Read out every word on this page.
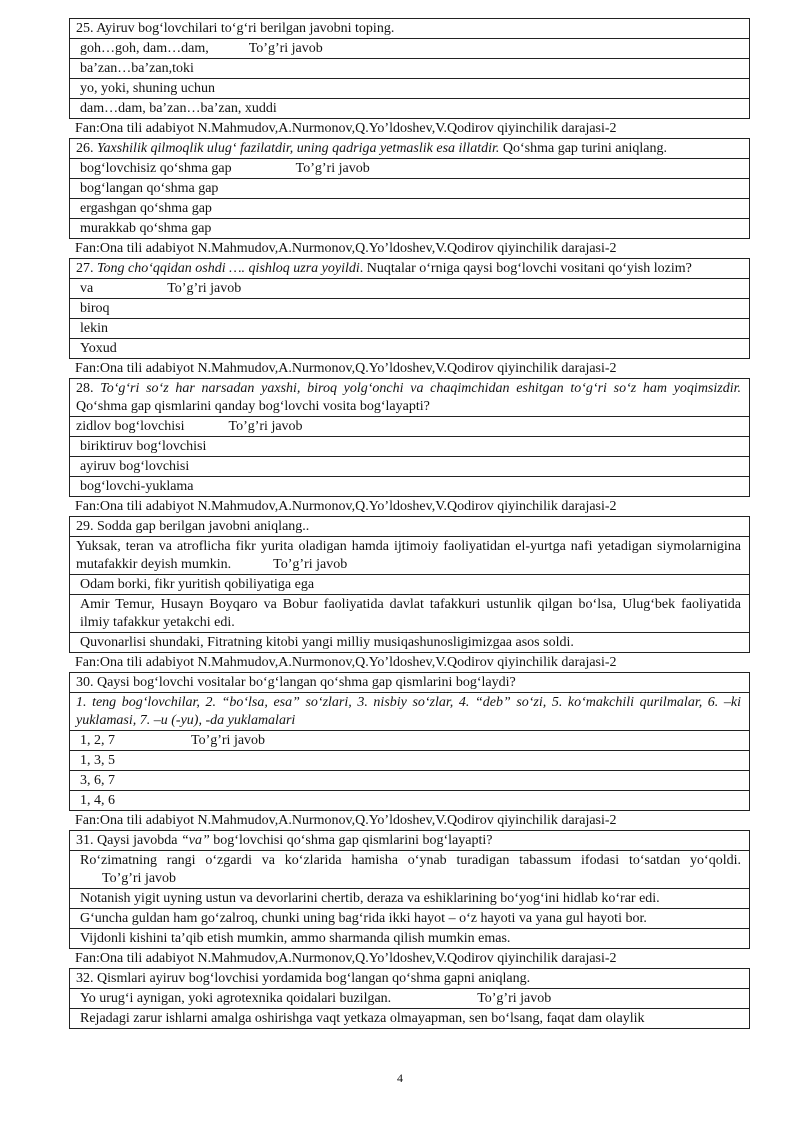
25. Ayiruv bog‘lovchilari to‘g‘ri berilgan javobni toping.
goh…goh, dam…dam,	To’g’ri javob
ba’zan…ba’zan,toki
yo, yoki, shuning uchun
dam…dam, ba’zan…ba’zan, xuddi
Fan:Ona tili adabiyot N.Mahmudov,A.Nurmonov,Q.Yo’ldoshev,V.Qodirov qiyinchilik darajasi-2
26. Yaxshilik qilmoqlik ulug‘ fazilatdir, uning qadriga yetmaslik esa illatdir. Qo‘shma gap turini aniqlang.
bog‘lovchisiz qo‘shma gap	To’g’ri javob
bog‘langan qo‘shma gap
ergashgan qo‘shma gap
murakkab qo‘shma gap
Fan:Ona tili adabiyot N.Mahmudov,A.Nurmonov,Q.Yo’ldoshev,V.Qodirov qiyinchilik darajasi-2
27. Tong cho‘qqidan oshdi …. qishloq uzra yoyildi. Nuqtalar o‘rniga qaysi bog‘lovchi vositani qo‘yish lozim?
va	To’g’ri javob
biroq
lekin
Yoxud
Fan:Ona tili adabiyot N.Mahmudov,A.Nurmonov,Q.Yo’ldoshev,V.Qodirov qiyinchilik darajasi-2
28. To‘g‘ri so‘z har narsadan yaxshi, biroq yolg‘onchi va chaqimchidan eshitgan to‘g‘ri so‘z ham yoqimsizdir. Qo‘shma gap qismlarini qanday bog‘lovchi vosita bog‘layapti?
zidlov bog‘lovchisi	To’g’ri javob
biriktiruv bog‘lovchisi
ayiruv bog‘lovchisi
bog‘lovchi-yuklama
Fan:Ona tili adabiyot N.Mahmudov,A.Nurmonov,Q.Yo’ldoshev,V.Qodirov qiyinchilik darajasi-2
29. Sodda gap berilgan javobni aniqlang..
Yuksak, teran va atroflicha fikr yurita oladigan hamda ijtimoiy faoliyatidan el-yurtga nafi yetadigan siymolarnigina mutafakkir deyish mumkin.	To’g’ri javob
Odam borki, fikr yuritish qobiliyatiga ega
Amir Temur, Husayn Boyqaro va Bobur faoliyatida davlat tafakkuri ustunlik qilgan bo‘lsa, Ulug‘bek faoliyatida ilmiy tafakkur yetakchi edi.
Quvonarlisi shundaki, Fitratning kitobi yangi milliy musiqashunosligimizgaa asos soldi.
Fan:Ona tili adabiyot N.Mahmudov,A.Nurmonov,Q.Yo’ldoshev,V.Qodirov qiyinchilik darajasi-2
30. Qaysi bog‘lovchi vositalar bo‘g‘langan qo‘shma gap qismlarini bog‘laydi?
1. teng bog‘lovchilar, 2. “bo‘lsa, esa” so‘zlari, 3. nisbiy so‘zlar, 4. “deb” so‘zi, 5. ko‘makchili qurilmalar, 6. –ki yuklamasi, 7. –u (-yu), -da yuklamalari
1, 2, 7	To’g’ri javob
1, 3, 5
3, 6, 7
1, 4, 6
Fan:Ona tili adabiyot N.Mahmudov,A.Nurmonov,Q.Yo’ldoshev,V.Qodirov qiyinchilik darajasi-2
31. Qaysi javobda “va” bog‘lovchisi qo‘shma gap qismlarini bog‘layapti?
Ro‘zimatning rangi o‘zgardi va ko‘zlarida hamisha o‘ynab turadigan tabassum ifodasi to‘satdan yo‘qoldi.To’g’ri javob
Notanish yigit uyning ustun va devorlarini chertib, deraza va eshiklarining bo‘yog‘ini hidlab ko‘rar edi.
G‘uncha guldan ham go‘zalroq, chunki uning bag‘rida ikki hayot – o‘z hayoti va yana gul hayoti bor.
Vijdonli kishini ta’qib etish mumkin, ammo sharmanda qilish mumkin emas.
Fan:Ona tili adabiyot N.Mahmudov,A.Nurmonov,Q.Yo’ldoshev,V.Qodirov qiyinchilik darajasi-2
32. Qismlari ayiruv bog‘lovchisi yordamida bog‘langan qo‘shma gapni aniqlang.
Yo urug‘i aynigan, yoki agrotexnika qoidalari buzilgan.	To’g’ri javob
Rejadagi zarur ishlarni amalga oshirishga vaqt yetkaza olmayapman, sen bo‘lsang, faqat dam olaylik
4
